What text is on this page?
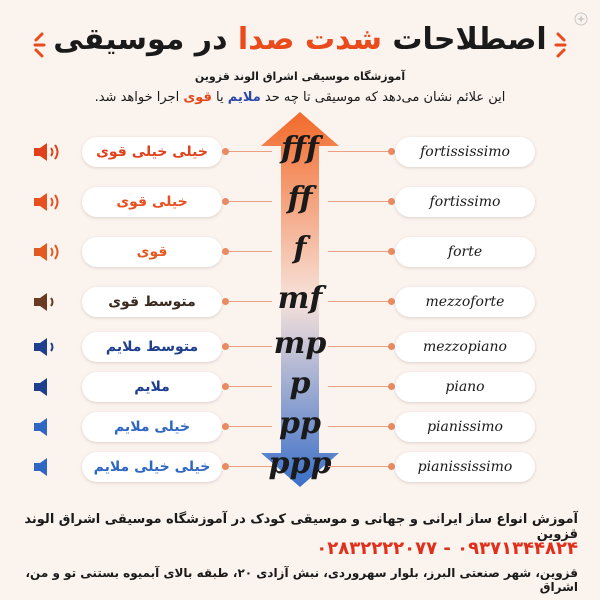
اصطلاحات شدت صدا در موسیقی
آموزشگاه موسیقی اشراق الوند قزوین
این علائم نشان می‌دهد که موسیقی تا چه حد ملایم یا قوی اجرا خواهد شد.
خیلی خیلی قوی	fff	fortississimo
خیلی قوی	ff	fortissimo
قوی	f	forte
متوسط قوی	mf	mezzoforte
متوسط ملایم	mp	mezzopiano
ملایم	p	piano
خیلی ملایم	pp	pianissimo
خیلی خیلی ملایم	ppp	pianississimo
آموزش انواع ساز ایرانی و جهانی و موسیقی کودک در آموزشگاه موسیقی اشراق الوند قزوین
۰۹۳۷۱۳۴۴۸۲۴ - ۰۲۸۳۲۲۲۲۰۷۷
قزوین، شهر صنعتی البرز، بلوار سهروردی، نبش آزادی ۲۰، طبقه بالای آبمیوه بستنی تو و من، اشراق
